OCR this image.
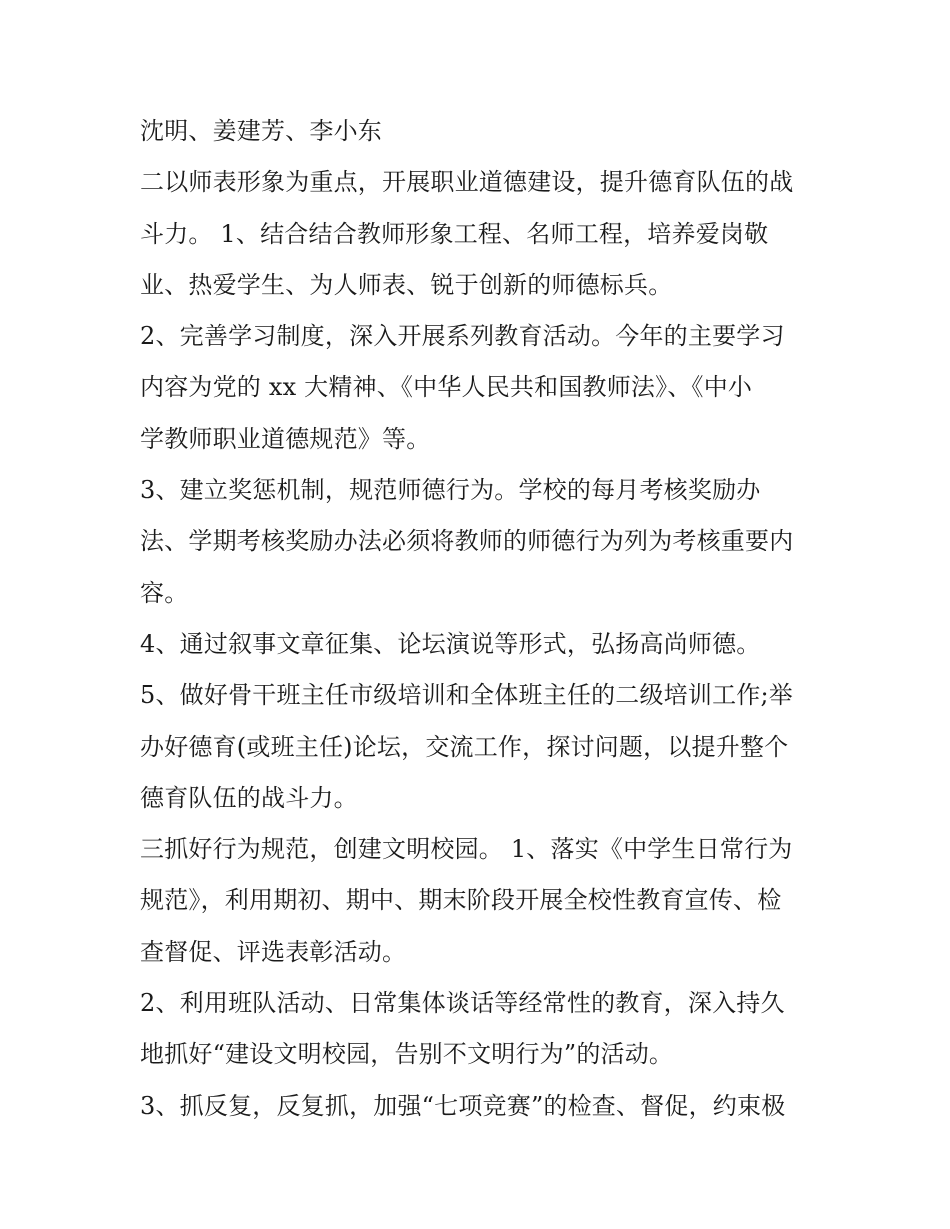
沈明、姜建芳、李小东
二以师表形象为重点，开展职业道德建设，提升德育队伍的战
斗力。 1、结合结合教师形象工程、名师工程，培养爱岗敬
业、热爱学生、为人师表、锐于创新的师德标兵。
2、完善学习制度，深入开展系列教育活动。今年的主要学习
内容为党的 xx 大精神、《中华人民共和国教师法》、《中小
学教师职业道德规范》等。
3、建立奖惩机制，规范师德行为。学校的每月考核奖励办
法、学期考核奖励办法必须将教师的师德行为列为考核重要内
容。
4、通过叙事文章征集、论坛演说等形式，弘扬高尚师德。
5、做好骨干班主任市级培训和全体班主任的二级培训工作;举
办好德育(或班主任)论坛，交流工作，探讨问题，以提升整个
德育队伍的战斗力。
三抓好行为规范，创建文明校园。 1、落实《中学生日常行为
规范》，利用期初、期中、期末阶段开展全校性教育宣传、检
查督促、评选表彰活动。
2、利用班队活动、日常集体谈话等经常性的教育，深入持久
地抓好“建设文明校园，告别不文明行为”的活动。
3、抓反复，反复抓，加强“七项竞赛”的检查、督促，约束极
